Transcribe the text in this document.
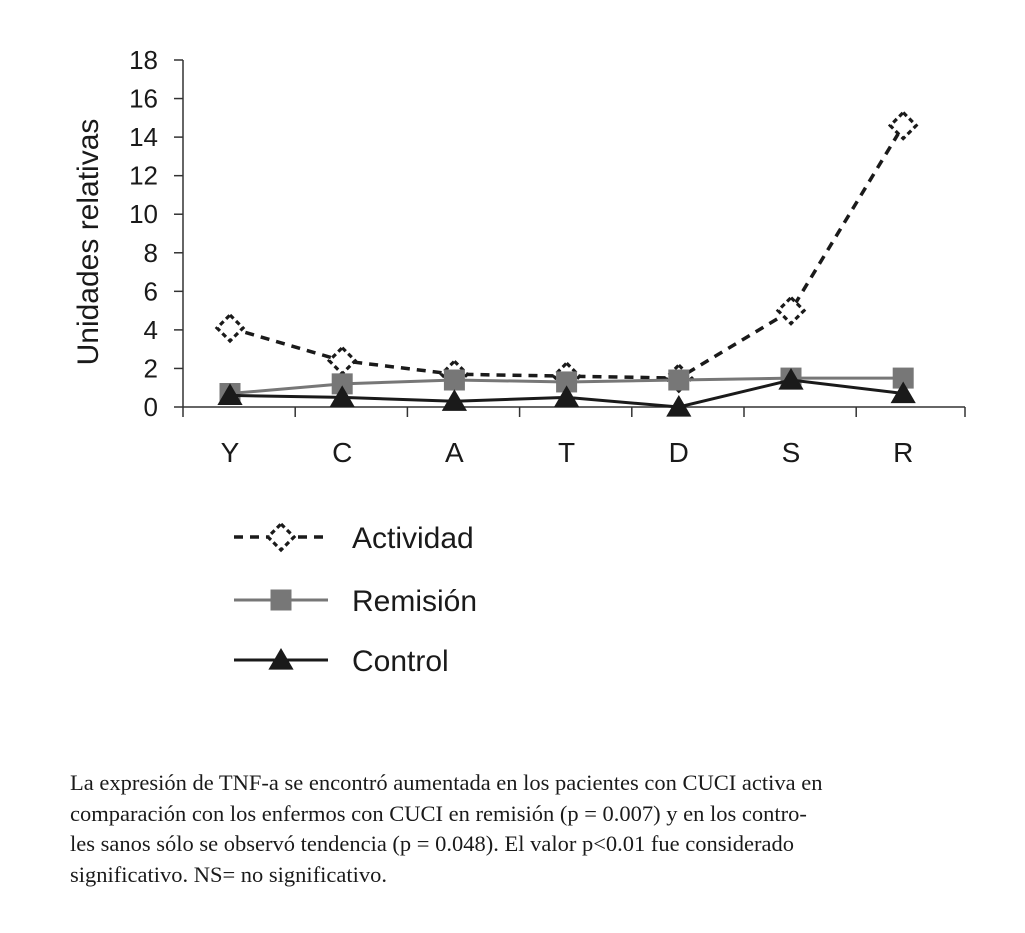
0
2
4
6
8
10
12
14
16
18
Y	C	A	T	D	S	R
Unidades relativas
Actividad
Remisión
Control
La expresión de TNF-a se encontró aumentada en los pacientes con CUCI activa en
comparación con los enfermos con CUCI en remisión (p = 0.007) y en los contro-
les sanos sólo se observó tendencia (p = 0.048). El valor p<0.01 fue considerado
significativo. NS= no significativo.
